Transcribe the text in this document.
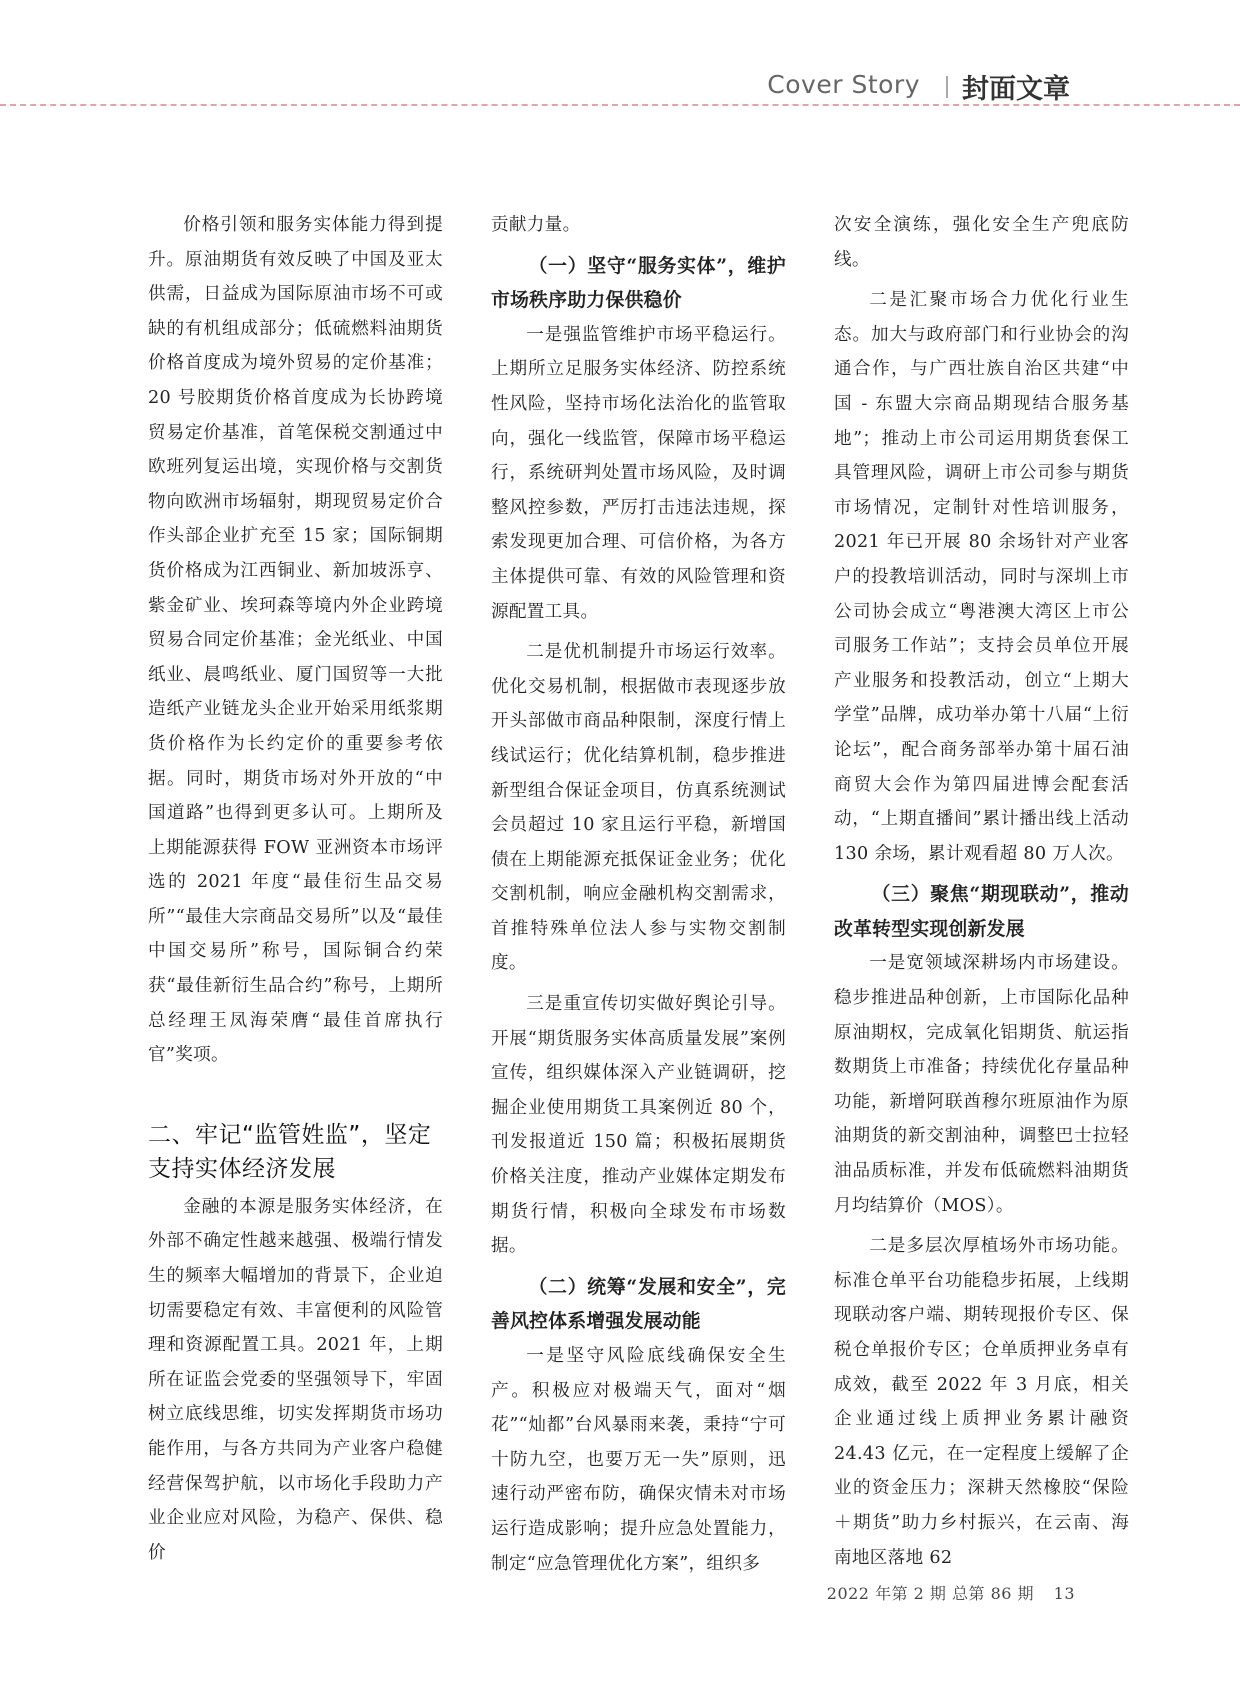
Cover Story 封面文章

价格引领和服务实体能力得到提升。原油期货有效反映了中国及亚太供需，日益成为国际原油市场不可或缺的有机组成部分；低硫燃料油期货价格首度成为境外贸易的定价基准；20 号胶期货价格首度成为长协跨境贸易定价基准，首笔保税交割通过中欧班列复运出境，实现价格与交割货物向欧洲市场辐射，期现贸易定价合作头部企业扩充至 15 家；国际铜期货价格成为江西铜业、新加坡泺亨、紫金矿业、埃珂森等境内外企业跨境贸易合同定价基准；金光纸业、中国纸业、晨鸣纸业、厦门国贸等一大批造纸产业链龙头企业开始采用纸浆期货价格作为长约定价的重要参考依据。同时，期货市场对外开放的“中国道路”也得到更多认可。上期所及上期能源获得 FOW 亚洲资本市场评选的 2021 年度“最佳衍生品交易所”“最佳大宗商品交易所”以及“最佳中国交易所”称号，国际铜合约荣获“最佳新衍生品合约”称号，上期所总经理王凤海荣膺“最佳首席执行官”奖项。

二、牢记“监管姓监”，坚定支持实体经济发展

金融的本源是服务实体经济，在外部不确定性越来越强、极端行情发生的频率大幅增加的背景下，企业迫切需要稳定有效、丰富便利的风险管理和资源配置工具。2021 年，上期所在证监会党委的坚强领导下，牢固树立底线思维，切实发挥期货市场功能作用，与各方共同为产业客户稳健经营保驾护航，以市场化手段助力产业企业应对风险，为稳产、保供、稳价

贡献力量。

（一）坚守“服务实体”，维护市场秩序助力保供稳价

一是强监管维护市场平稳运行。上期所立足服务实体经济、防控系统性风险，坚持市场化法治化的监管取向，强化一线监管，保障市场平稳运行，系统研判处置市场风险，及时调整风控参数，严厉打击违法违规，探索发现更加合理、可信价格，为各方主体提供可靠、有效的风险管理和资源配置工具。

二是优机制提升市场运行效率。优化交易机制，根据做市表现逐步放开头部做市商品种限制，深度行情上线试运行；优化结算机制，稳步推进新型组合保证金项目，仿真系统测试会员超过 10 家且运行平稳，新增国债在上期能源充抵保证金业务；优化交割机制，响应金融机构交割需求，首推特殊单位法人参与实物交割制度。

三是重宣传切实做好舆论引导。开展“期货服务实体高质量发展”案例宣传，组织媒体深入产业链调研，挖掘企业使用期货工具案例近 80 个，刊发报道近 150 篇；积极拓展期货价格关注度，推动产业媒体定期发布期货行情，积极向全球发布市场数据。

（二）统筹“发展和安全”，完善风控体系增强发展动能

一是坚守风险底线确保安全生产。积极应对极端天气，面对“烟花”“灿都”台风暴雨来袭，秉持“宁可十防九空，也要万无一失”原则，迅速行动严密布防，确保灾情未对市场运行造成影响；提升应急处置能力，制定“应急管理优化方案”，组织多

次安全演练，强化安全生产兜底防线。

二是汇聚市场合力优化行业生态。加大与政府部门和行业协会的沟通合作，与广西壮族自治区共建“中国 - 东盟大宗商品期现结合服务基地”；推动上市公司运用期货套保工具管理风险，调研上市公司参与期货市场情况，定制针对性培训服务，2021 年已开展 80 余场针对产业客户的投教培训活动，同时与深圳上市公司协会成立“粤港澳大湾区上市公司服务工作站”；支持会员单位开展产业服务和投教活动，创立“上期大学堂”品牌，成功举办第十八届“上衍论坛”，配合商务部举办第十届石油商贸大会作为第四届进博会配套活动，“上期直播间”累计播出线上活动 130 余场，累计观看超 80 万人次。

（三）聚焦“期现联动”，推动改革转型实现创新发展

一是宽领域深耕场内市场建设。稳步推进品种创新，上市国际化品种原油期权，完成氧化铝期货、航运指数期货上市准备；持续优化存量品种功能，新增阿联酋穆尔班原油作为原油期货的新交割油种，调整巴士拉轻油品质标准，并发布低硫燃料油期货月均结算价（MOS）。

二是多层次厚植场外市场功能。标准仓单平台功能稳步拓展，上线期现联动客户端、期转现报价专区、保税仓单报价专区；仓单质押业务卓有成效，截至 2022 年 3 月底，相关企业通过线上质押业务累计融资 24.43 亿元，在一定程度上缓解了企业的资金压力；深耕天然橡胶“保险＋期货”助力乡村振兴，在云南、海南地区落地 62

2022 年第 2 期 总第 86 期 13
